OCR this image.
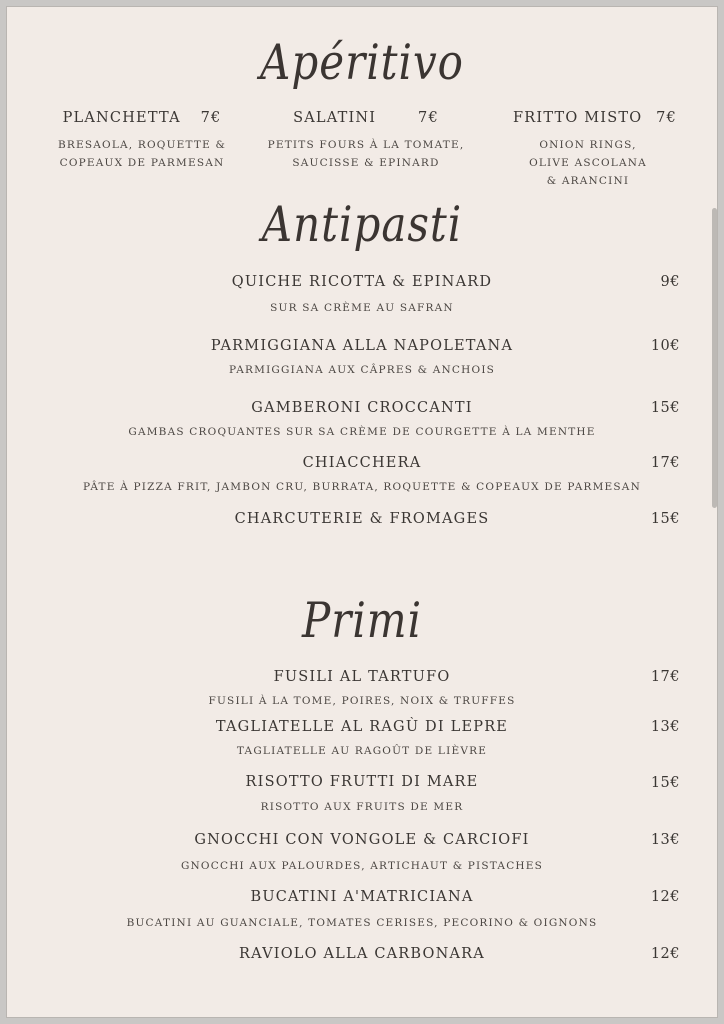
Apéritivo
PLANCHETTA 7€
BRESAOLA, ROQUETTE &
COPEAUX DE PARMESAN
SALATINI	7€
PETITS FOURS À LA TOMATE,
SAUCISSE & EPINARD
FRITTO MISTO 7€
ONION RINGS,
OLIVE ASCOLANA
& ARANCINI
Antipasti
QUICHE RICOTTA & EPINARD	9€
SUR SA CRÈME AU SAFRAN
PARMIGGIANA ALLA NAPOLETANA	10€
PARMIGGIANA AUX CÂPRES & ANCHOIS
GAMBERONI CROCCANTI	15€
GAMBAS CROQUANTES SUR SA CRÈME DE COURGETTE À LA MENTHE
CHIACCHERA	17€
PÂTE À PIZZA FRIT, JAMBON CRU, BURRATA, ROQUETTE & COPEAUX DE PARMESAN
CHARCUTERIE & FROMAGES	15€
Primi
FUSILI AL TARTUFO	17€
FUSILI À LA TOME, POIRES, NOIX & TRUFFES
TAGLIATELLE AL RAGÙ DI LEPRE	13€
TAGLIATELLE AU RAGOÛT DE LIÈVRE
RISOTTO FRUTTI DI MARE	15€
RISOTTO AUX FRUITS DE MER
GNOCCHI CON VONGOLE & CARCIOFI	13€
GNOCCHI AUX PALOURDES, ARTICHAUT & PISTACHES
BUCATINI A'MATRICIANA	12€
BUCATINI AU GUANCIALE, TOMATES CERISES, PECORINO & OIGNONS
RAVIOLO ALLA CARBONARA	12€
